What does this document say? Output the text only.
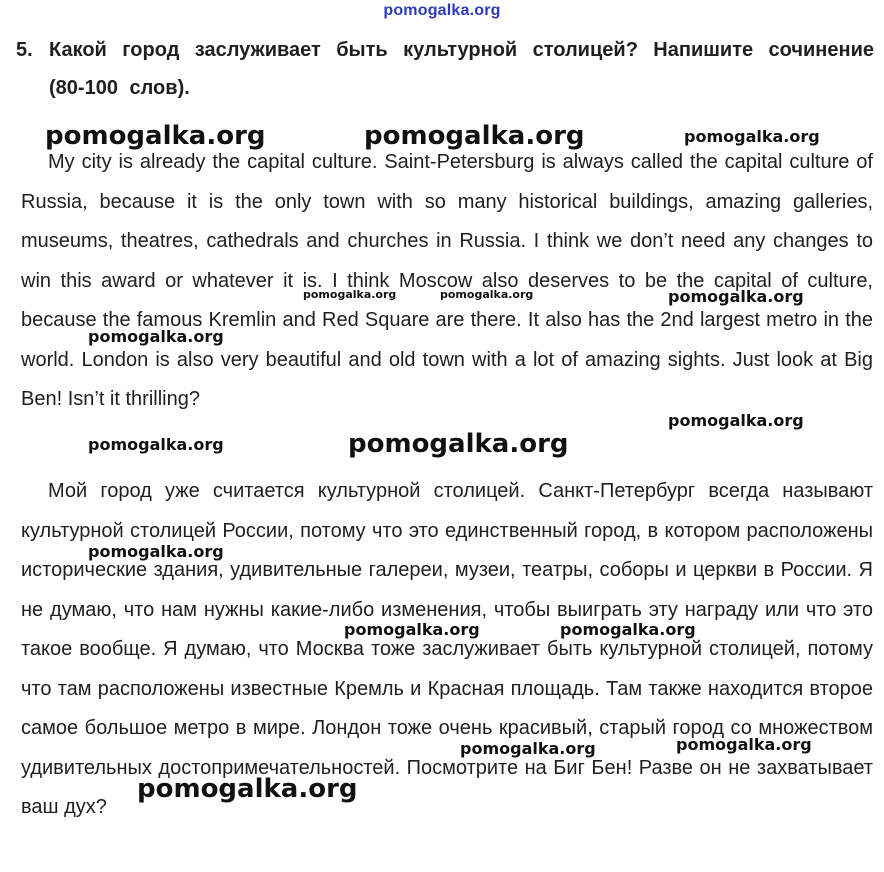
pomogalka.org
5. Какой город заслуживает быть культурной столицей? Напишите сочинение (80-100 слов).

My city is already the capital culture. Saint-Petersburg is always called the capital culture of Russia, because it is the only town with so many historical buildings, amazing galleries, museums, theatres, cathedrals and churches in Russia. I think we don’t need any changes to win this award or whatever it is. I think Moscow also deserves to be the capital of culture, because the famous Kremlin and Red Square are there. It also has the 2nd largest metro in the world. London is also very beautiful and old town with a lot of amazing sights. Just look at Big Ben! Isn’t it thrilling?

Мой город уже считается культурной столицей. Санкт-Петербург всегда называют культурной столицей России, потому что это единственный город, в котором расположены исторические здания, удивительные галереи, музеи, театры, соборы и церкви в России. Я не думаю, что нам нужны какие-либо изменения, чтобы выиграть эту награду или что это такое вообще. Я думаю, что Москва тоже заслуживает быть культурной столицей, потому что там расположены известные Кремль и Красная площадь. Там также находится второе самое большое метро в мире. Лондон тоже очень красивый, старый город со множеством удивительных достопримечательностей. Посмотрите на Биг Бен! Разве он не захватывает ваш дух?

pomogalka.org	pomogalka.org	pomogalka.org
pomogalka.org	pomogalka.org	pomogalka.org
pomogalka.org
pomogalka.org
pomogalka.org	pomogalka.org
pomogalka.org
pomogalka.org	pomogalka.org
pomogalka.org	pomogalka.org
pomogalka.org
